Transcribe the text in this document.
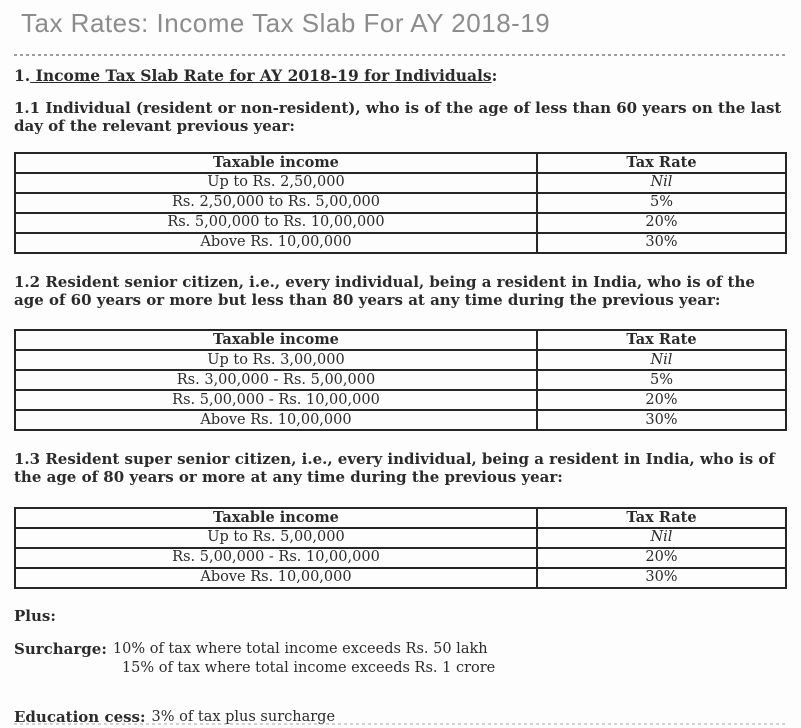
Tax Rates: Income Tax Slab For AY 2018-19
1. Income Tax Slab Rate for AY 2018-19 for Individuals:

1.1 Individual (resident or non-resident), who is of the age of less than 60 years on the last day of the relevant previous year:

Taxable income	Tax Rate
Up to Rs. 2,50,000	Nil
Rs. 2,50,000 to Rs. 5,00,000	5%
Rs. 5,00,000 to Rs. 10,00,000	20%
Above Rs. 10,00,000	30%

1.2 Resident senior citizen, i.e., every individual, being a resident in India, who is of the age of 60 years or more but less than 80 years at any time during the previous year:

Taxable income	Tax Rate
Up to Rs. 3,00,000	Nil
Rs. 3,00,000 - Rs. 5,00,000	5%
Rs. 5,00,000 - Rs. 10,00,000	20%
Above Rs. 10,00,000	30%

1.3 Resident super senior citizen, i.e., every individual, being a resident in India, who is of the age of 80 years or more at any time during the previous year:

Taxable income	Tax Rate
Up to Rs. 5,00,000	Nil
Rs. 5,00,000 - Rs. 10,00,000	20%
Above Rs. 10,00,000	30%

Plus:

Surcharge: 10% of tax where total income exceeds Rs. 50 lakh
15% of tax where total income exceeds Rs. 1 crore
Education cess: 3% of tax plus surcharge
